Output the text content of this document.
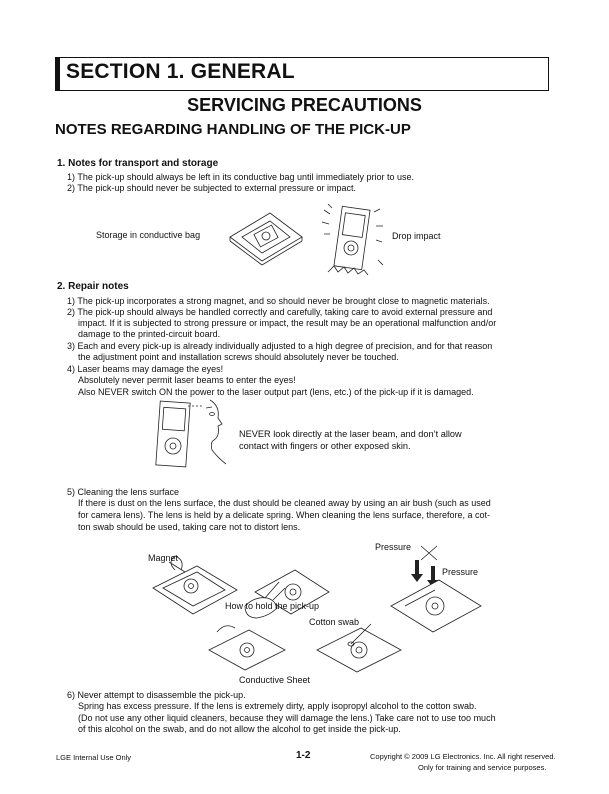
SECTION 1. GENERAL
SERVICING PRECAUTIONS
NOTES REGARDING HANDLING OF THE PICK-UP
1. Notes for transport and storage
1) The pick-up should always be left in its conductive bag until immediately prior to use.
2) The pick-up should never be subjected to external pressure or impact.
Storage in conductive bag	Drop impact
2. Repair notes
1) The pick-up incorporates a strong magnet, and so should never be brought close to magnetic materials.
2) The pick-up should always be handled correctly and carefully, taking care to avoid external pressure and
impact. If it is subjected to strong pressure or impact, the result may be an operational malfunction and/or
damage to the printed-circuit board.
3) Each and every pick-up is already individually adjusted to a high degree of precision, and for that reason
the adjustment point and installation screws should absolutely never be touched.
4) Laser beams may damage the eyes!
Absolutely never permit laser beams to enter the eyes!
Also NEVER switch ON the power to the laser output part (lens, etc.) of the pick-up if it is damaged.
NEVER look directly at the laser beam, and don’t allow
contact with fingers or other exposed skin.
5) Cleaning the lens surface
If there is dust on the lens surface, the dust should be cleaned away by using an air bush (such as used
for camera lens). The lens is held by a delicate spring. When cleaning the lens surface, therefore, a cot-
ton swab should be used, taking care not to distort lens.
Magnet
Pressure
Pressure
How to hold the pick-up
Cotton swab
Conductive Sheet
6) Never attempt to disassemble the pick-up.
Spring has excess pressure. If the lens is extremely dirty, apply isopropyl alcohol to the cotton swab.
(Do not use any other liquid cleaners, because they will damage the lens.) Take care not to use too much
of this alcohol on the swab, and do not allow the alcohol to get inside the pick-up.
LGE Internal Use Only	1-2	Copyright © 2009 LG Electronics. Inc. All right reserved.
Only for training and service purposes.
